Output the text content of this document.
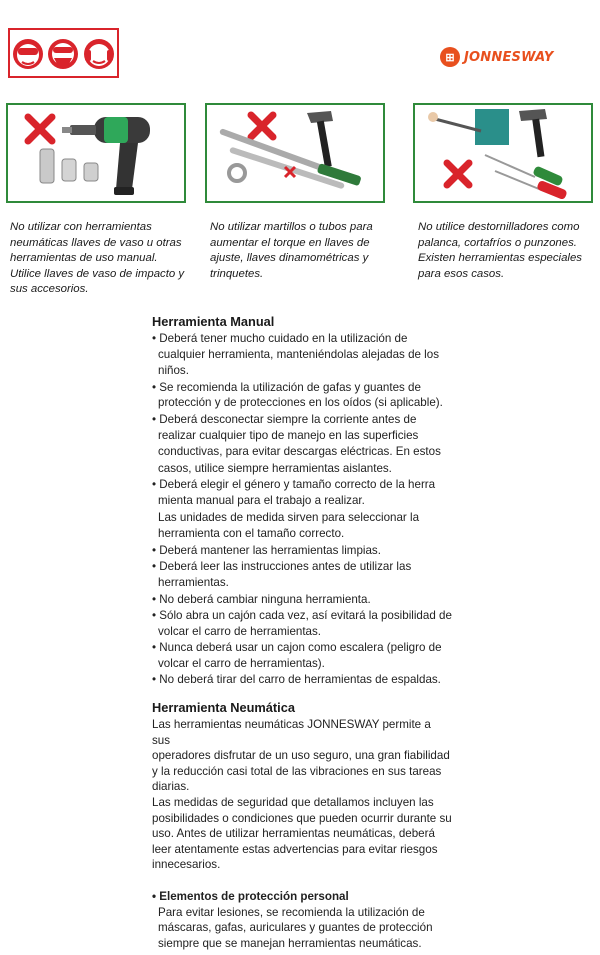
⊞ JONNESWAY

No utilizar con herramientas

neumáticas llaves de vaso u otras

herramientas de uso manual.

Utilice llaves de vaso de impacto y

sus accesorios.

No utilizar martillos o tubos para

aumentar el torque en llaves de

ajuste, llaves dinamométricas y

trinquetes.

No utilice destornilladores como

palanca, cortafríos o punzones.

Existen herramientas especiales

para esos casos.

Herramienta Manual
• Deberá tener mucho cuidado en la utilización de
cualquier herramienta, manteniéndolas alejadas de los
niños.
• Se recomienda la utilización de gafas y guantes de
protección y de protecciones en los oídos (si aplicable).
• Deberá desconectar siempre la corriente antes de
realizar cualquier tipo de manejo en las superficies
conductivas, para evitar descargas eléctricas. En estos
casos, utilice siempre herramientas aislantes.
• Deberá elegir el género y tamaño correcto de la herra
mienta manual para el trabajo a realizar.
Las unidades de medida sirven para seleccionar la
herramienta con el tamaño correcto.
• Deberá mantener las herramientas limpias.
• Deberá leer las instrucciones antes de utilizar las
herramientas.
• No deberá cambiar ninguna herramienta.
• Sólo abra un cajón cada vez, así evitará la posibilidad de
volcar el carro de herramientas.
• Nunca deberá usar un cajon como escalera (peligro de
volcar el carro de herramientas).
• No deberá tirar del carro de herramientas de espaldas.
Herramienta Neumática

Las herramientas neumáticas JONNESWAY permite a sus

operadores disfrutar de un uso seguro, una gran fiabilidad

y la reducción casi total de las vibraciones en sus tareas

diarias.

Las medidas de seguridad que detallamos incluyen las

posibilidades o condiciones que pueden ocurrir durante su

uso. Antes de utilizar herramientas neumáticas, deberá

leer atentamente estas advertencias para evitar riesgos

innecesarios.

• Elementos de protección personal

Para evitar lesiones, se recomienda la utilización de

máscaras, gafas, auriculares y guantes de protección

siempre que se manejan herramientas neumáticas.
